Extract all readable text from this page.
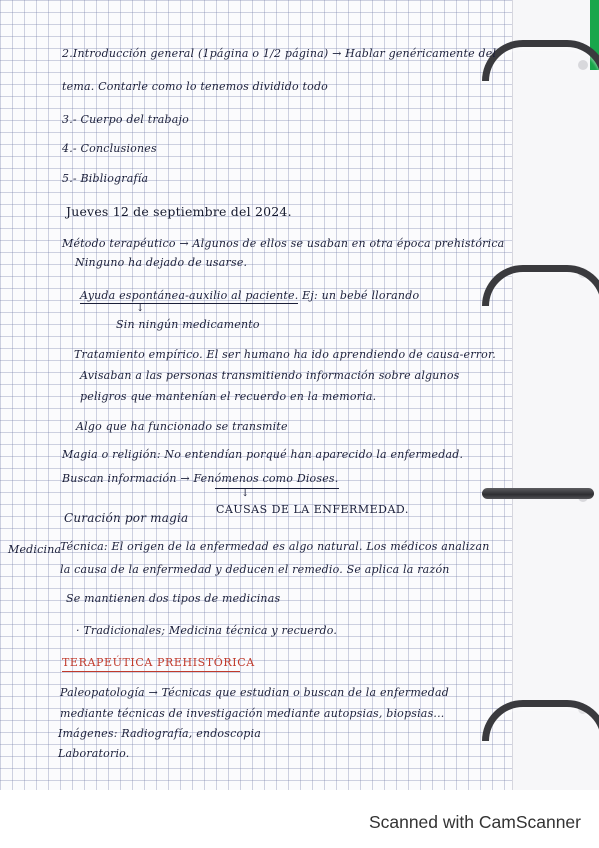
2.Introducción general (1página o 1/2 página) → Hablar genéricamente del
tema. Contarle como lo tenemos dividido todo
3.- Cuerpo del trabajo
4.- Conclusiones
5.- Bibliografía
Jueves 12 de septiembre del 2024.
Método terapéutico → Algunos de ellos se usaban en otra época prehistórica
Ninguno ha dejado de usarse.
Ayuda espontánea-auxilio al paciente. Ej: un bebé llorando
↓
Sin ningún medicamento
Tratamiento empírico. El ser humano ha ido aprendiendo de causa-error.
Avisaban a las personas transmitiendo información sobre algunos
peligros que mantenían el recuerdo en la memoria.
Algo que ha funcionado se transmite
Magia o religión: No entendían porqué han aparecido la enfermedad.
Buscan información → Fenómenos como Dioses.
↓
CAUSAS DE LA ENFERMEDAD.
Curación por magia
Medicina
Técnica: El origen de la enfermedad es algo natural. Los médicos analizan
la causa de la enfermedad y deducen el remedio. Se aplica la razón
Se mantienen dos tipos de medicinas
· Tradicionales; Medicina técnica y recuerdo.
TERAPEÚTICA PREHISTÓRICA
Paleopatología → Técnicas que estudian o buscan de la enfermedad
mediante técnicas de investigación mediante autopsias, biopsias...
Imágenes: Radiografía, endoscopia
Laboratorio.
Scanned with CamScanner
